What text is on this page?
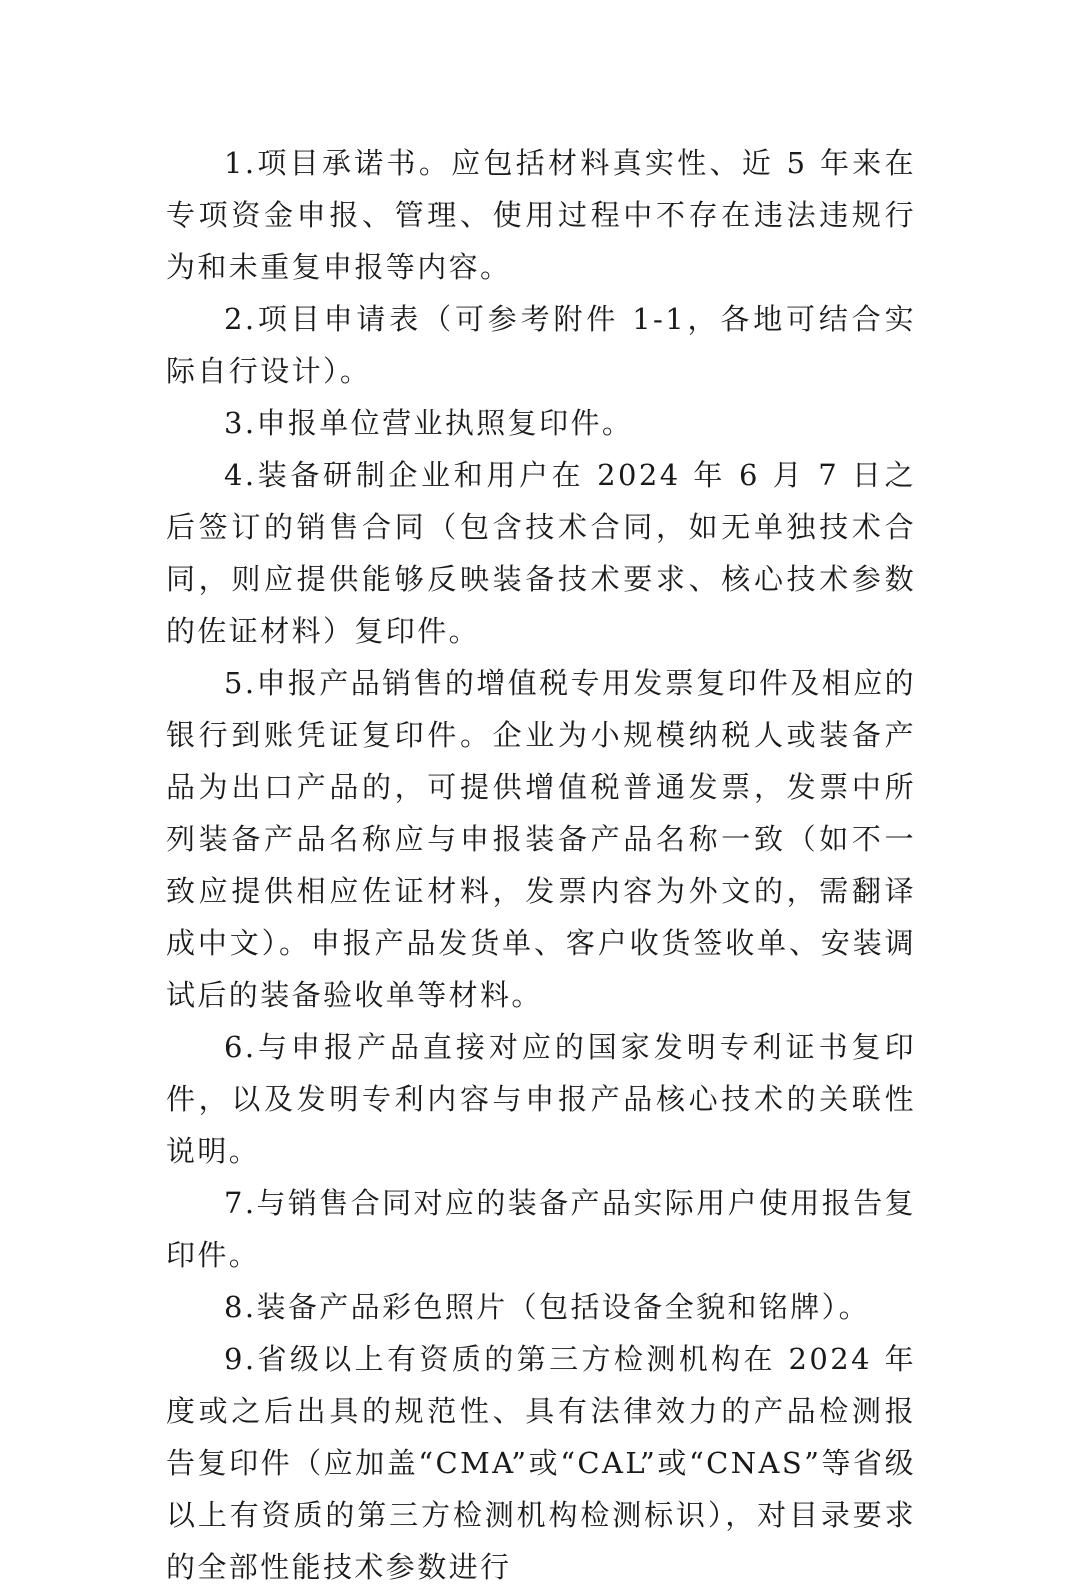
1.项目承诺书。应包括材料真实性、近 5 年来在专项资金申报、管理、使用过程中不存在违法违规行为和未重复申报等内容。

2.项目申请表（可参考附件 1-1，各地可结合实际自行设计）。

3.申报单位营业执照复印件。

4.装备研制企业和用户在 2024 年 6 月 7 日之后签订的销售合同（包含技术合同，如无单独技术合同，则应提供能够反映装备技术要求、核心技术参数的佐证材料）复印件。

5.申报产品销售的增值税专用发票复印件及相应的银行到账凭证复印件。企业为小规模纳税人或装备产品为出口产品的，可提供增值税普通发票，发票中所列装备产品名称应与申报装备产品名称一致（如不一致应提供相应佐证材料，发票内容为外文的，需翻译成中文）。申报产品发货单、客户收货签收单、安装调试后的装备验收单等材料。

6.与申报产品直接对应的国家发明专利证书复印件，以及发明专利内容与申报产品核心技术的关联性说明。

7.与销售合同对应的装备产品实际用户使用报告复印件。

8.装备产品彩色照片（包括设备全貌和铭牌）。

9.省级以上有资质的第三方检测机构在 2024 年度或之后出具的规范性、具有法律效力的产品检测报告复印件（应加盖“CMA”或“CAL”或“CNAS”等省级以上有资质的第三方检测机构检测标识），对目录要求的全部性能技术参数进行
